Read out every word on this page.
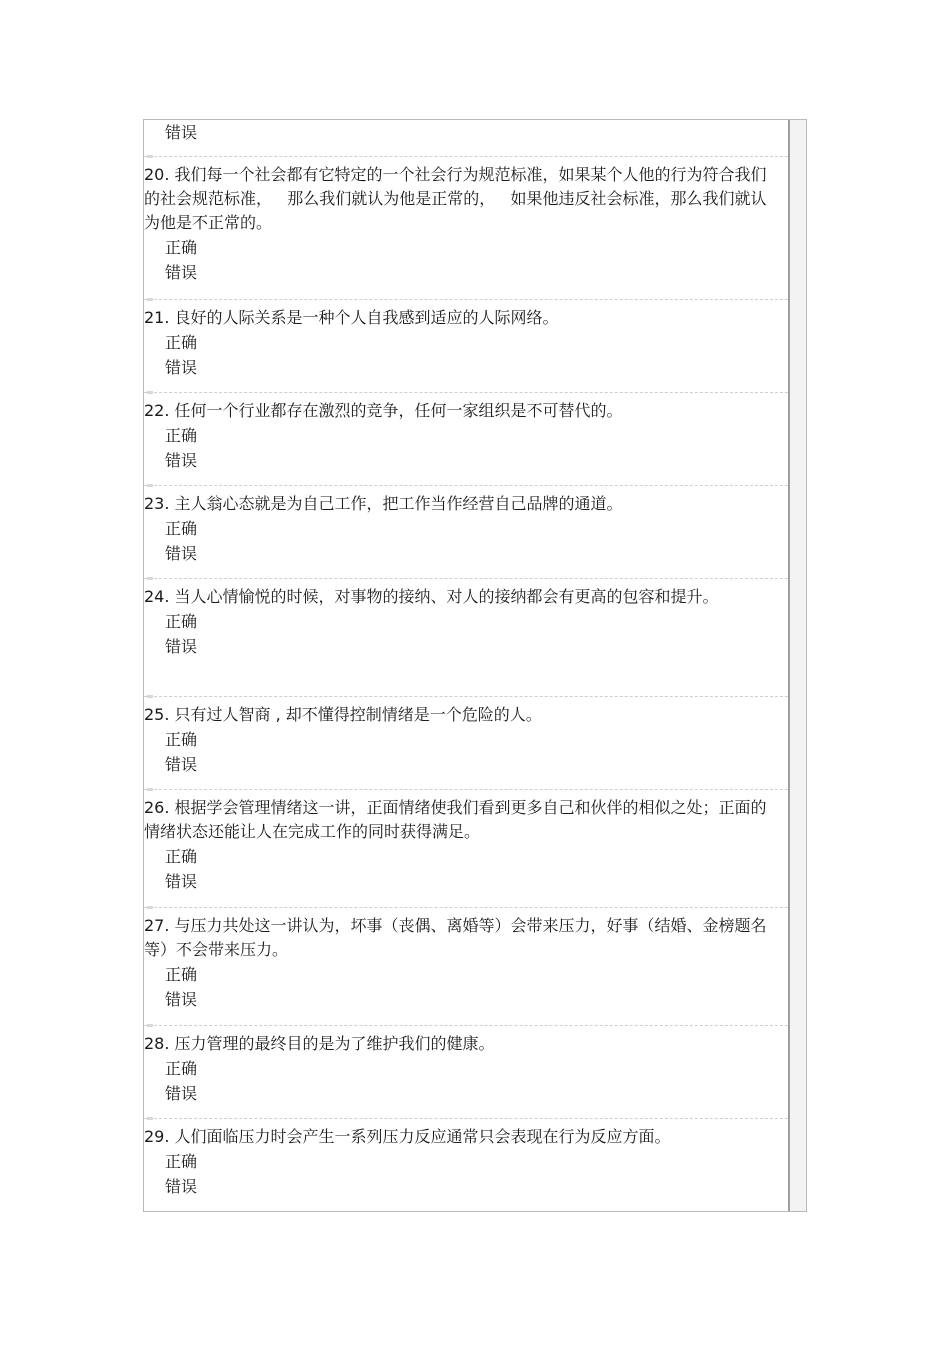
错误

20. 我们每一个社会都有它特定的一个社会行为规范标准，如果某个人他的行为符合我们的社会规范标准，   那么我们就认为他是正常的，   如果他违反社会标准，那么我们就认为他是不正常的。

正确
错误

21. 良好的人际关系是一种个人自我感到适应的人际网络。

正确
错误

22. 任何一个行业都存在激烈的竞争，任何一家组织是不可替代的。

正确
错误

23. 主人翁心态就是为自己工作，把工作当作经营自己品牌的通道。

正确
错误

24. 当人心情愉悦的时候，对事物的接纳、对人的接纳都会有更高的包容和提升。

正确
错误

25. 只有过人智商 , 却不懂得控制情绪是一个危险的人。

正确
错误

26. 根据学会管理情绪这一讲，正面情绪使我们看到更多自己和伙伴的相似之处；正面的情绪状态还能让人在完成工作的同时获得满足。

正确
错误

27. 与压力共处这一讲认为，坏事（丧偶、离婚等）会带来压力，好事（结婚、金榜题名等）不会带来压力。

正确
错误

28. 压力管理的最终目的是为了维护我们的健康。

正确
错误

29. 人们面临压力时会产生一系列压力反应通常只会表现在行为反应方面。

正确
错误
